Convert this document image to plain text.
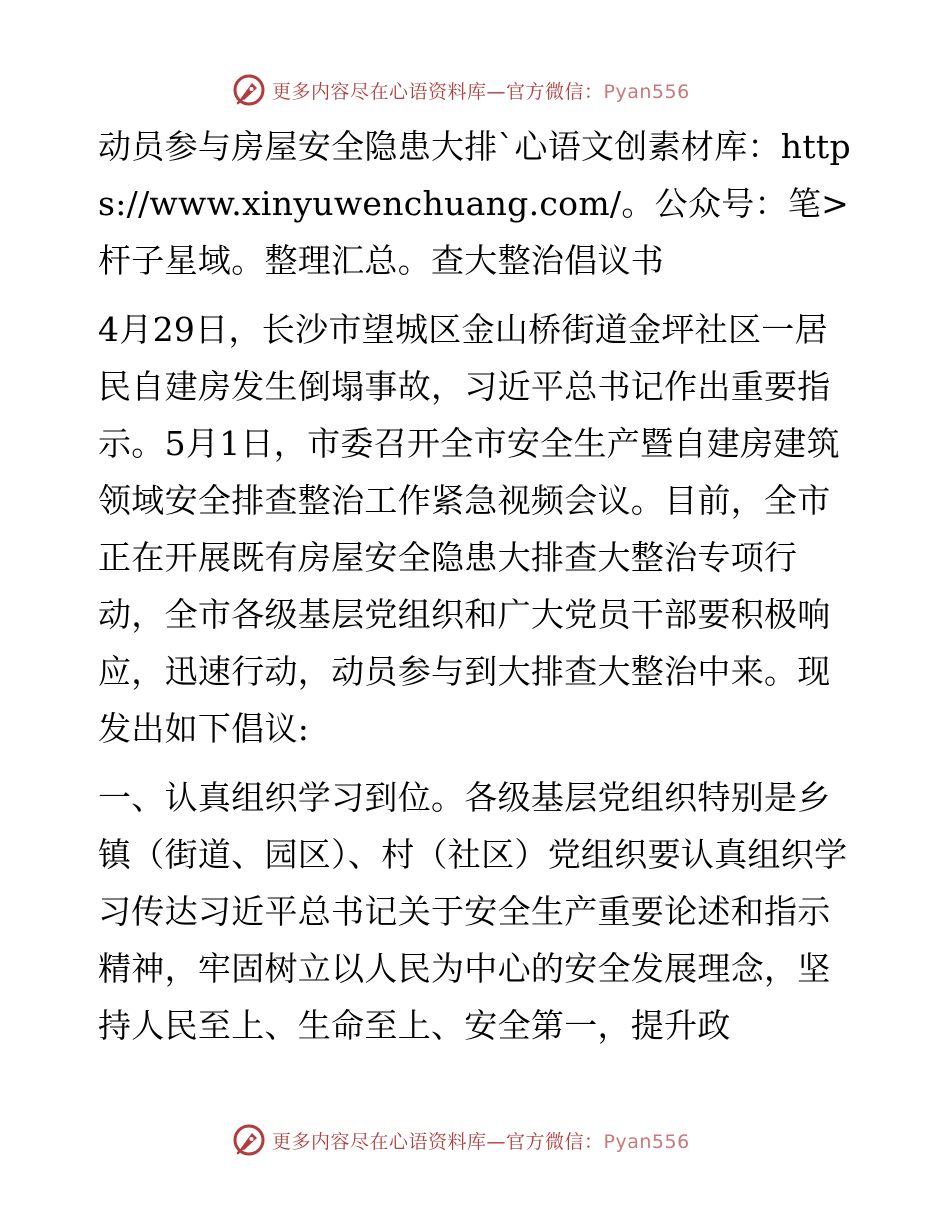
更多内容尽在心语资料库—官方微信：Pyan556

动员参与房屋安全隐患大排`心语文创素材库：https://www.xinyuwenchuang.com/。公众号：笔>杆子星域。整理汇总。查大整治倡议书

4月29日，长沙市望城区金山桥街道金坪社区一居民自建房发生倒塌事故，习近平总书记作出重要指示。5月1日，市委召开全市安全生产暨自建房建筑领域安全排查整治工作紧急视频会议。目前，全市正在开展既有房屋安全隐患大排查大整治专项行动，全市各级基层党组织和广大党员干部要积极响应，迅速行动，动员参与到大排查大整治中来。现发出如下倡议:

一、认真组织学习到位。各级基层党组织特别是乡镇（街道、园区）、村（社区）党组织要认真组织学习传达习近平总书记关于安全生产重要论述和指示精神，牢固树立以人民为中心的安全发展理念，坚持人民至上、生命至上、安全第一，提升政

更多内容尽在心语资料库—官方微信：Pyan556
